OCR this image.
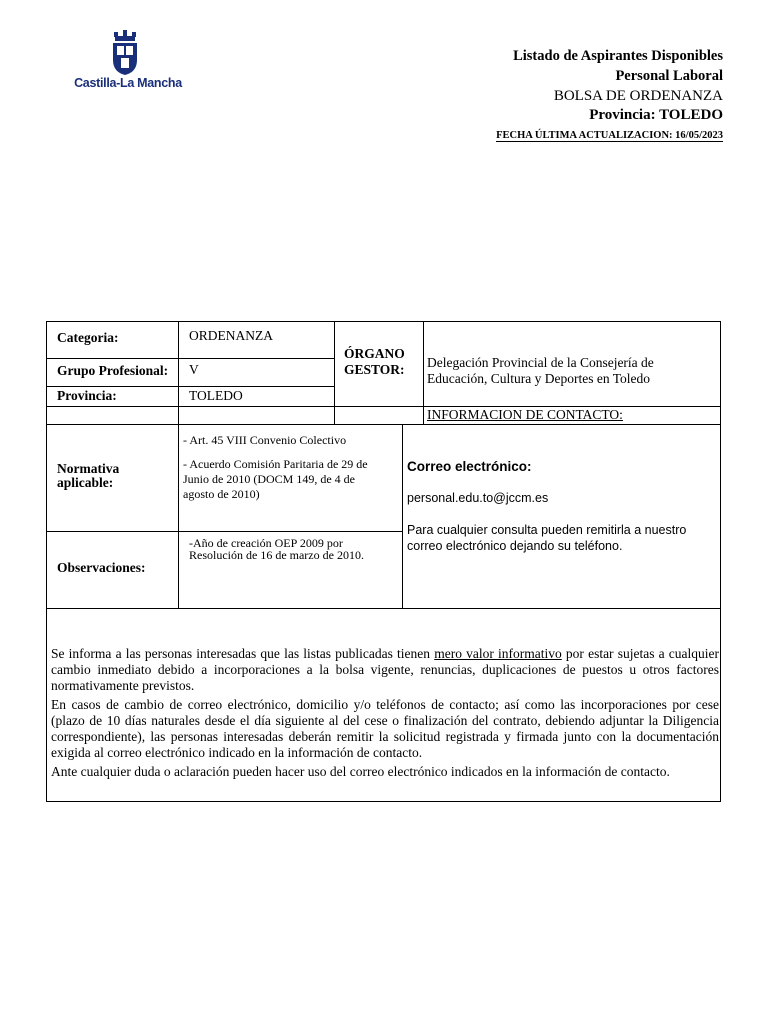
Castilla-La Mancha
Listado de Aspirantes Disponibles
Personal Laboral
BOLSA DE ORDENANZA
Provincia: TOLEDO
FECHA ÚLTIMA ACTUALIZACION: 16/05/2023
Categoria:	ORDENANZA
Grupo Profesional: V
Provincia:	TOLEDO
ÓRGANO
GESTOR: Delegación Provincial de la Consejería de Educación, Cultura y Deportes en Toledo
INFORMACION DE CONTACTO:
Normativa
aplicable:
- Art. 45 VIII Convenio Colectivo
- Acuerdo Comisión Paritaria de 29 de Junio de 2010 (DOCM 149, de 4 de agosto de 2010)
Observaciones:
-Año de creación OEP 2009 por Resolución de 16 de marzo de 2010.
Correo electrónico:
personal.edu.to@jccm.es
Para cualquier consulta pueden remitirla a nuestro correo electrónico dejando su teléfono.

Se informa a las personas interesadas que las listas publicadas tienen mero valor informativo por estar sujetas a cualquier cambio inmediato debido a incorporaciones a la bolsa vigente, renuncias, duplicaciones de puestos u otros factores normativamente previstos.

En casos de cambio de correo electrónico, domicilio y/o teléfonos de contacto; así como las incorporaciones por cese (plazo de 10 días naturales desde el día siguiente al del cese o finalización del contrato, debiendo adjuntar la Diligencia correspondiente), las personas interesadas deberán remitir la solicitud registrada y firmada junto con la documentación exigida al correo electrónico indicado en la información de contacto.

Ante cualquier duda o aclaración pueden hacer uso del correo electrónico indicados en la información de contacto.
